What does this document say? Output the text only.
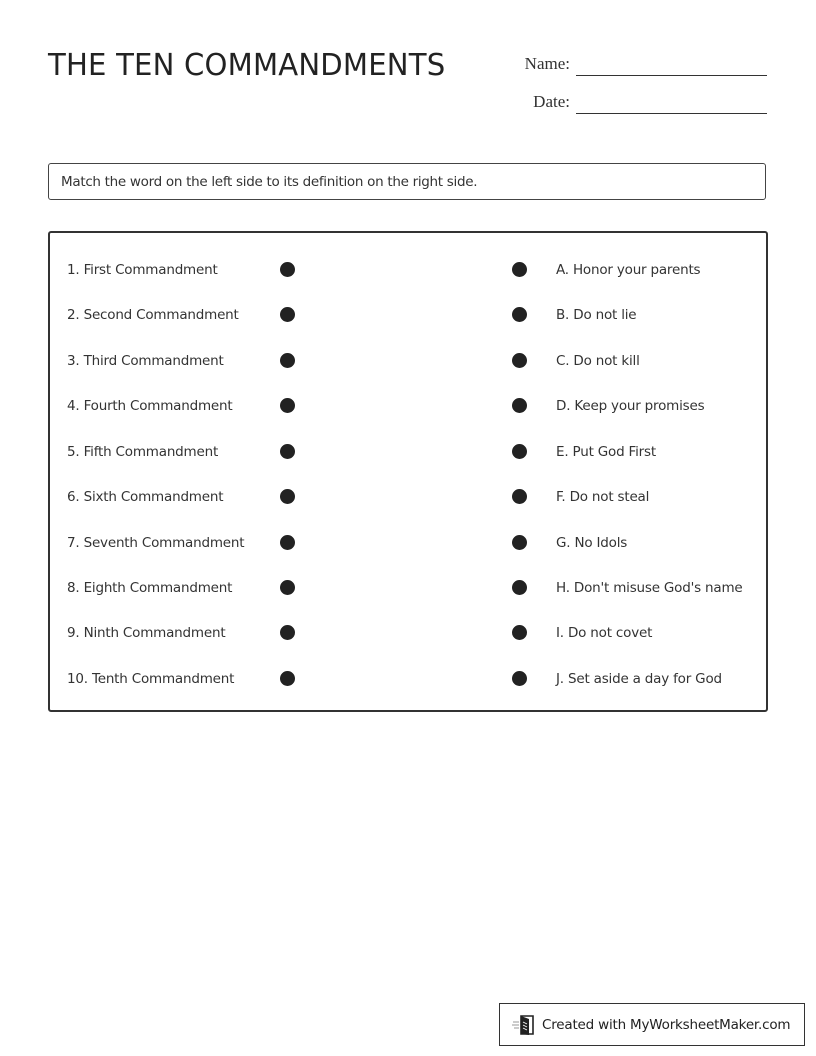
THE TEN COMMANDMENTS	Name:
Date:
Match the word on the left side to its definition on the right side.
1. First Commandment	A. Honor your parents
2. Second Commandment	B. Do not lie
3. Third Commandment	C. Do not kill
4. Fourth Commandment	D. Keep your promises
5. Fifth Commandment	E. Put God First
6. Sixth Commandment	F. Do not steal
7. Seventh Commandment	G. No Idols
8. Eighth Commandment	H. Don't misuse God's name
9. Ninth Commandment	I. Do not covet
10. Tenth Commandment	J. Set aside a day for God
Created with MyWorksheetMaker.com
